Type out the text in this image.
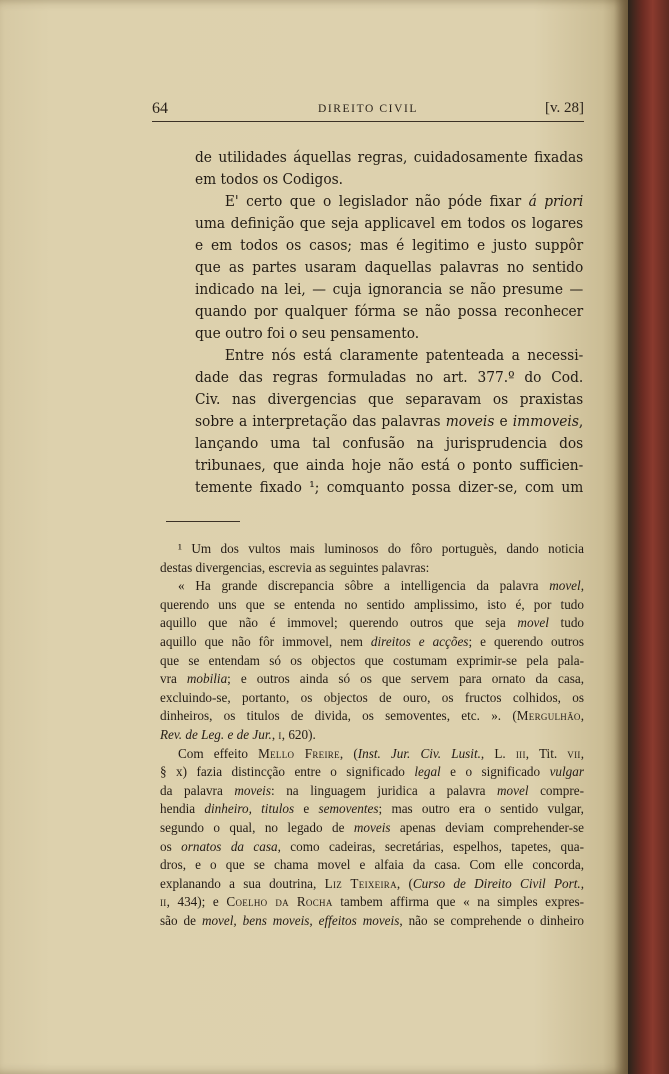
64	DIREITO CIVIL	[v. 28]
de utilidades áquellas regras, cuidadosamente fixadas
em todos os Codigos.
E' certo que o legislador não póde fixar á priori
uma definição que seja applicavel em todos os logares
e em todos os casos; mas é legitimo e justo suppôr
que as partes usaram daquellas palavras no sentido
indicado na lei, — cuja ignorancia se não presume —
quando por qualquer fórma se não possa reconhecer
que outro foi o seu pensamento.
Entre nós está claramente patenteada a necessi-
dade das regras formuladas no art. 377.º do Cod.
Civ. nas divergencias que separavam os praxistas
sobre a interpretação das palavras moveis e immoveis,
lançando uma tal confusão na jurisprudencia dos
tribunaes, que ainda hoje não está o ponto sufficien-
temente fixado ¹; comquanto possa dizer-se, com um
¹ Um dos vultos mais luminosos do fôro portuguès, dando noticia
destas divergencias, escrevia as seguintes palavras:
« Ha grande discrepancia sôbre a intelligencia da palavra movel,
querendo uns que se entenda no sentido amplissimo, isto é, por tudo
aquillo que não é immovel; querendo outros que seja movel tudo
aquillo que não fôr immovel, nem direitos e acções; e querendo outros
que se entendam só os objectos que costumam exprimir-se pela pala-
vra mobilia; e outros ainda só os que servem para ornato da casa,
excluindo-se, portanto, os objectos de ouro, os fructos colhidos, os
dinheiros, os titulos de divida, os semoventes, etc. ». (Mergulhão,
Rev. de Leg. e de Jur., i, 620).
Com effeito Mello Freire, (Inst. Jur. Civ. Lusit., L. iii, Tit. vii,
§ x) fazia distincção entre o significado legal e o significado vulgar
da palavra moveis: na linguagem juridica a palavra movel compre-
hendia dinheiro, titulos e semoventes; mas outro era o sentido vulgar,
segundo o qual, no legado de moveis apenas deviam comprehender-se
os ornatos da casa, como cadeiras, secretárias, espelhos, tapetes, qua-
dros, e o que se chama movel e alfaia da casa. Com elle concorda,
explanando a sua doutrina, Liz Teixeira, (Curso de Direito Civil Port.,
ii, 434); e Coelho da Rocha tambem affirma que « na simples expres-
são de movel, bens moveis, effeitos moveis, não se comprehende o dinheiro
